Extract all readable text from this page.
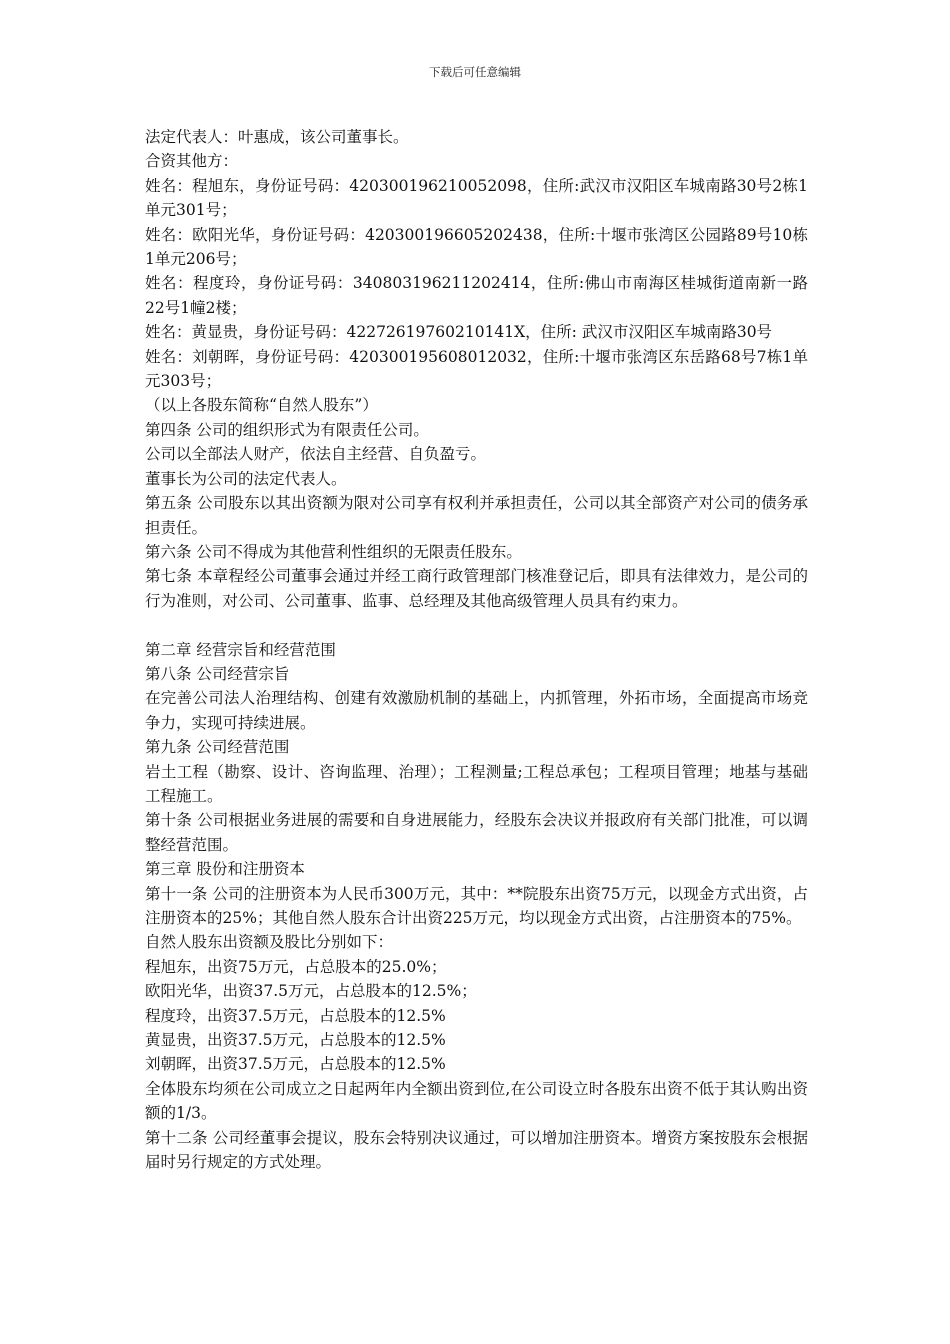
下载后可任意编辑

法定代表人：叶惠成，该公司董事长。

合资其他方：

姓名：程旭东，身份证号码：420300196210052098，住所:武汉市汉阳区车城南路30号2栋1单元301号；

姓名：欧阳光华，身份证号码：420300196605202438，住所:十堰市张湾区公园路89号10栋1单元206号；

姓名：程度玲，身份证号码：340803196211202414，住所:佛山市南海区桂城街道南新一路22号1幢2楼；

姓名：黄显贵，身份证号码：42272619760210141X，住所: 武汉市汉阳区车城南路30号

姓名：刘朝晖，身份证号码：420300195608012032，住所:十堰市张湾区东岳路68号7栋1单元303号；

（以上各股东简称“自然人股东”）

第四条 公司的组织形式为有限责任公司。

公司以全部法人财产，依法自主经营、自负盈亏。

董事长为公司的法定代表人。

第五条 公司股东以其出资额为限对公司享有权利并承担责任，公司以其全部资产对公司的债务承担责任。

第六条 公司不得成为其他营利性组织的无限责任股东。

第七条 本章程经公司董事会通过并经工商行政管理部门核准登记后，即具有法律效力，是公司的行为准则，对公司、公司董事、监事、总经理及其他高级管理人员具有约束力。

第二章 经营宗旨和经营范围

第八条 公司经营宗旨

在完善公司法人治理结构、创建有效激励机制的基础上，内抓管理，外拓市场，全面提高市场竞争力，实现可持续进展。

第九条 公司经营范围

岩土工程（勘察、设计、咨询监理、治理）；工程测量;工程总承包；工程项目管理；地基与基础工程施工。

第十条 公司根据业务进展的需要和自身进展能力，经股东会决议并报政府有关部门批准，可以调整经营范围。

第三章 股份和注册资本

第十一条 公司的注册资本为人民币300万元，其中：**院股东出资75万元，以现金方式出资，占注册资本的25%；其他自然人股东合计出资225万元，均以现金方式出资，占注册资本的75%。

自然人股东出资额及股比分别如下：

程旭东，出资75万元，占总股本的25.0%；

欧阳光华，出资37.5万元，占总股本的12.5%；

程度玲，出资37.5万元，占总股本的12.5%

黄显贵，出资37.5万元，占总股本的12.5%

刘朝晖，出资37.5万元，占总股本的12.5%

全体股东均须在公司成立之日起两年内全额出资到位,在公司设立时各股东出资不低于其认购出资额的1/3。

第十二条 公司经董事会提议，股东会特别决议通过，可以增加注册资本。增资方案按股东会根据届时另行规定的方式处理。
